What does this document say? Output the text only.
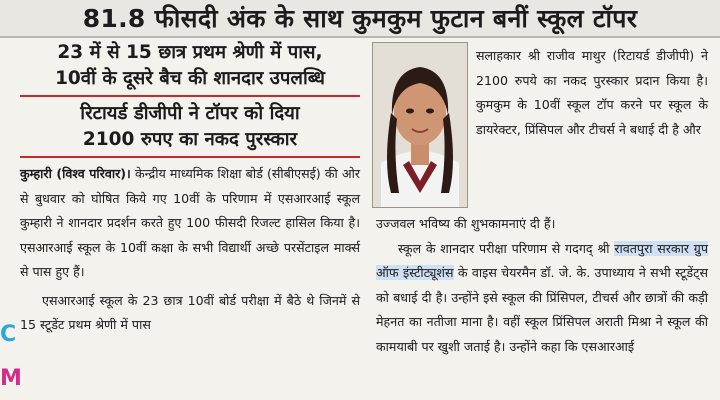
81.8 फीसदी अंक के साथ कुमकुम फुटान बनीं स्कूल टॉपर
C
M
23 में से 15 छात्र प्रथम श्रेणी में पास,
10वीं के दूसरे बैच की शानदार उपलब्धि
रिटायर्ड डीजीपी ने टॉपर को दिया
2100 रुपए का नकद पुरस्कार

कुम्हारी (विश्व परिवार)। केन्द्रीय माध्यमिक शिक्षा बोर्ड (सीबीएसई) की ओर से बुधवार को घोषित किये गए 10वीं के परिणाम में एसआरआई स्कूल कुम्हारी ने शानदार प्रदर्शन करते हुए 100 फीसदी रिजल्ट हासिल किया है। एसआरआई स्कूल के 10वीं कक्षा के सभी विद्यार्थी अच्छे परसेंटाइल मार्क्स से पास हुए हैं।

एसआरआई स्कूल के 23 छात्र 10वीं बोर्ड परीक्षा में बैठे थे जिनमें से 15 स्टूडेंट प्रथम श्रेणी में पास

सलाहकार श्री राजीव माथुर (रिटायर्ड डीजीपी) ने 2100 रुपये का नकद पुरस्कार प्रदान किया है। कुमकुम के 10वीं स्कूल टॉप करने पर स्कूल के डायरेक्टर, प्रिंसिपल और टीचर्स ने बधाई दी है और

उज्जवल भविष्य की शुभकामनाएं दी हैं।

स्कूल के शानदार परीक्षा परिणाम से गदगद् श्री रावतपुरा सरकार ग्रुप ऑफ इंस्टीट्यूशंस के वाइस चेयरमैन डॉ. जे. के. उपाध्याय ने सभी स्टूडेंट्स को बधाई दी है। उन्होंने इसे स्कूल की प्रिंसिपल, टीचर्स और छात्रों की कड़ी मेहनत का नतीजा माना है। वहीं स्कूल प्रिंसिपल अराती मिश्रा ने स्कूल की कामयाबी पर खुशी जताई है। उन्होंने कहा कि एसआरआई
